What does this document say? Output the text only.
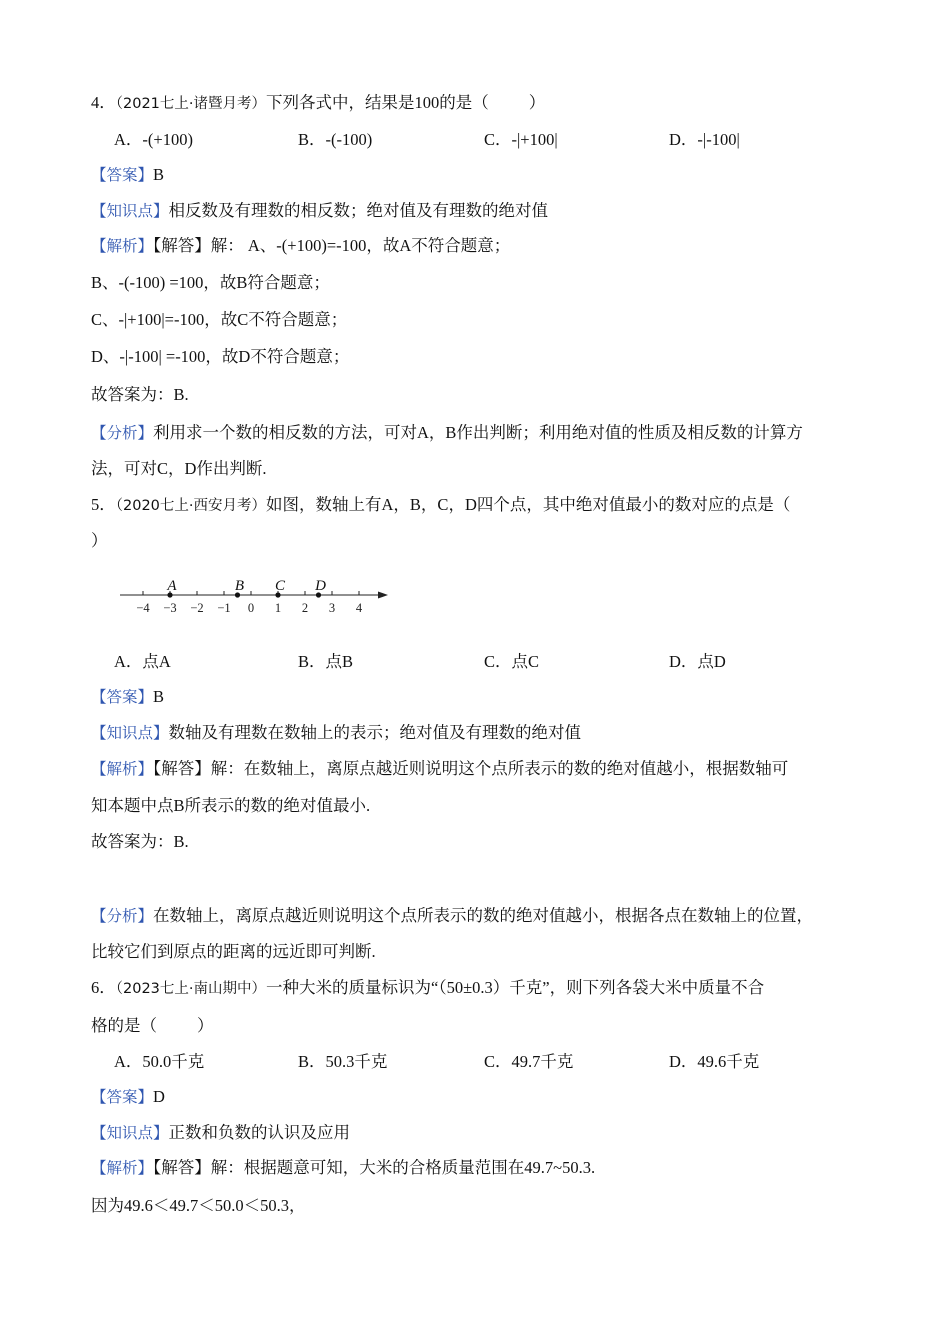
4．（2021七上·诸暨月考）下列各式中，结果是100的是（ ）
A．-(+100)	B．-(-100)	C．-|+100|	D．-|-100|
【答案】B
【知识点】相反数及有理数的相反数；绝对值及有理数的绝对值
【解析】【解答】解： A、-(+100)=-100，故A不符合题意；
B、-(-100) =100，故B符合题意；
C、-|+100|=-100，故C不符合题意；
D、-|-100| =-100，故D不符合题意；
故答案为：B.
【分析】利用求一个数的相反数的方法，可对A，B作出判断；利用绝对值的性质及相反数的计算方
法，可对C，D作出判断.
5．（2020七上·西安月考）如图，数轴上有A，B，C，D四个点，其中绝对值最小的数对应的点是（
）
−4 −3 −2 −1 0 1 2 3 4
A	B C D
A．点A	B．点B	C．点C	D．点D
【答案】B
【知识点】数轴及有理数在数轴上的表示；绝对值及有理数的绝对值
【解析】【解答】解：在数轴上，离原点越近则说明这个点所表示的数的绝对值越小，根据数轴可
知本题中点B所表示的数的绝对值最小.
故答案为：B.
【分析】在数轴上，离原点越近则说明这个点所表示的数的绝对值越小，根据各点在数轴上的位置，
比较它们到原点的距离的远近即可判断.
6．（2023七上·南山期中）一种大米的质量标识为“（50±0.3）千克”，则下列各袋大米中质量不合
格的是（ ）
A．50.0千克	B．50.3千克	C．49.7千克	D．49.6千克
【答案】D
【知识点】正数和负数的认识及应用
【解析】【解答】解：根据题意可知，大米的合格质量范围在49.7~50.3.
因为49.6＜49.7＜50.0＜50.3，
